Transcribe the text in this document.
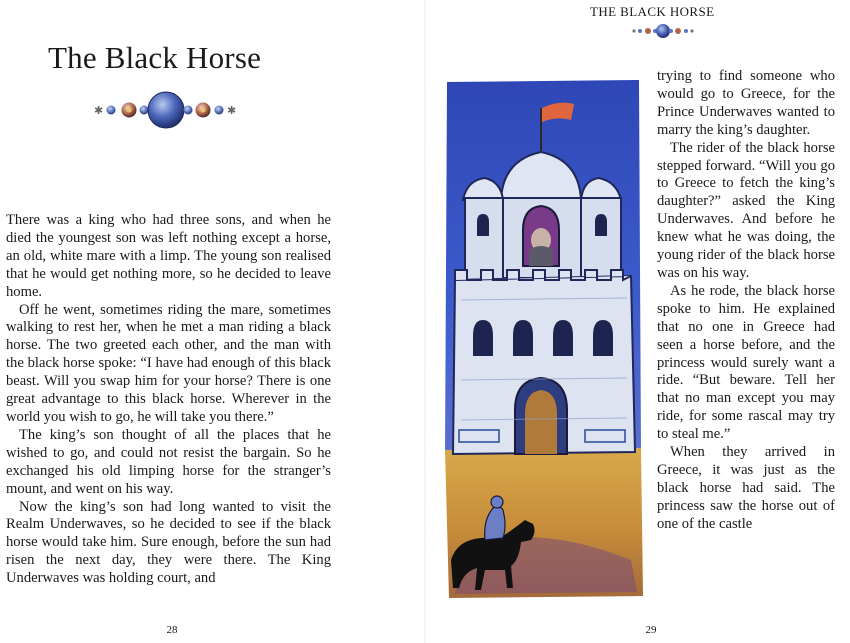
The Black Horse
✱	✱

There was a king who had three sons, and when he died the youngest son was left nothing except a horse, an old, white mare with a limp. The young son realised that he would get nothing more, so he decided to leave home.

Off he went, sometimes riding the mare, sometimes walking to rest her, when he met a man riding a black horse. The two greeted each other, and the man with the black horse spoke: “I have had enough of this black beast. Will you swap him for your horse? There is one great advantage to this black horse. Wherever in the world you wish to go, he will take you there.”

The king’s son thought of all the places that he wished to go, and could not resist the bargain. So he exchanged his old limping horse for the stranger’s mount, and went on his way.

Now the king’s son had long wanted to visit the Realm Underwaves, so he decided to see if the black horse would take him. Sure enough, before the sun had risen the next day, they were there. The King Underwaves was holding court, and

28
THE BLACK HORSE

trying to find someone who would go to Greece, for the Prince Underwaves wanted to marry the king’s daughter.

The rider of the black horse stepped forward. “Will you go to Greece to fetch the king’s daughter?” asked the King Underwaves. And before he knew what he was doing, the young rider of the black horse was on his way.

As he rode, the black horse spoke to him. He explained that no one in Greece had seen a horse before, and the princess would surely want a ride. “But beware. Tell her that no man except you may ride, for some rascal may try to steal me.”

When they arrived in Greece, it was just as the black horse had said. The princess saw the horse out of one of the castle

29
